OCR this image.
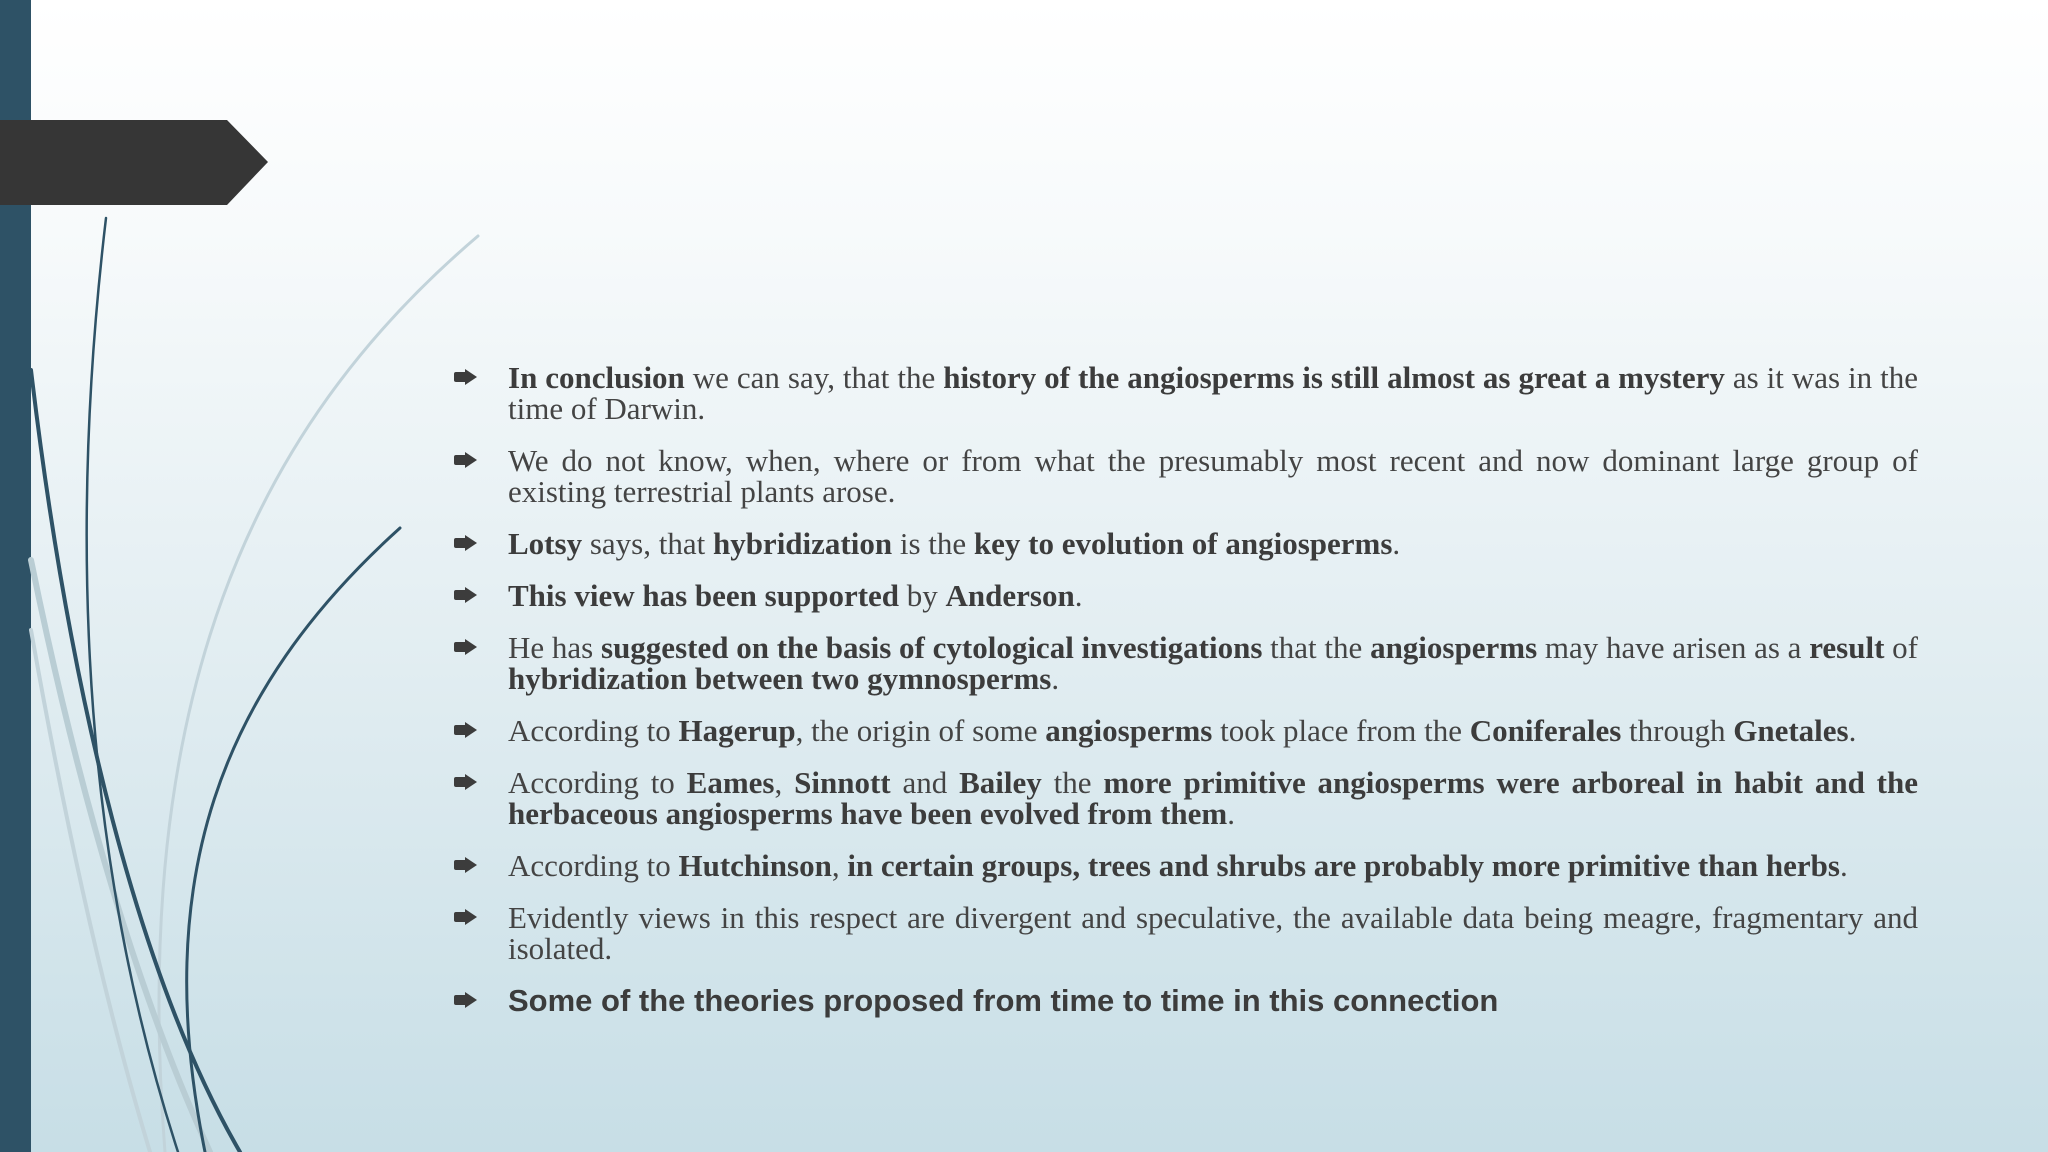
In conclusion we can say, that the history of the angiosperms is still almost as great a mystery as it was in the time of Darwin.
We do not know, when, where or from what the presumably most recent and now dominant large group of existing terrestrial plants arose.
Lotsy says, that hybridization is the key to evolution of angiosperms.
This view has been supported by Anderson.
He has suggested on the basis of cytological investigations that the angiosperms may have arisen as a result of hybridization between two gymnosperms.
According to Hagerup, the origin of some angiosperms took place from the Coniferales through Gnetales.
According to Eames, Sinnott and Bailey the more primitive angiosperms were arboreal in habit and the herbaceous angiosperms have been evolved from them.
According to Hutchinson, in certain groups, trees and shrubs are probably more primitive than herbs.
Evidently views in this respect are divergent and speculative, the available data being meagre, fragmentary and isolated.
Some of the theories proposed from time to time in this connection
